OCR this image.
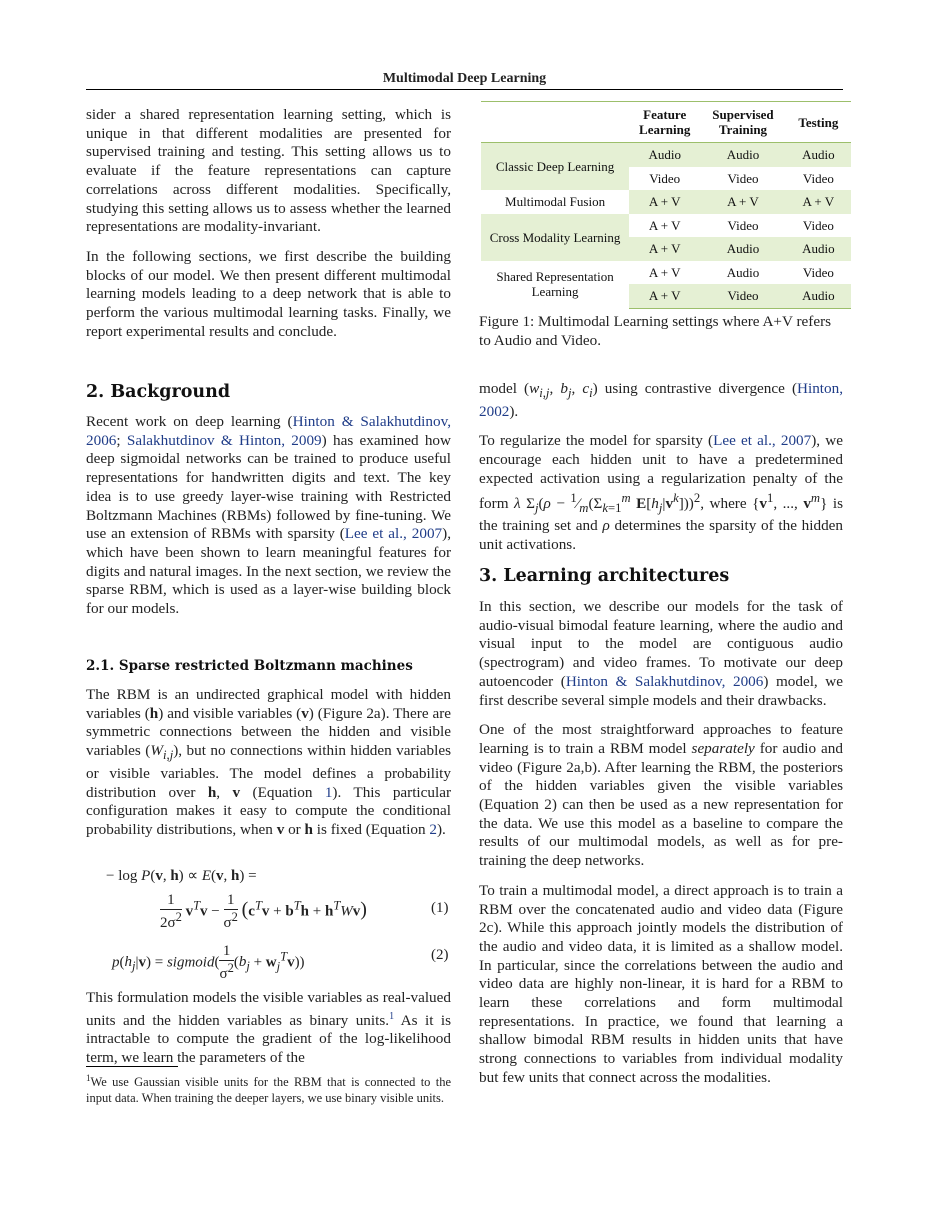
Multimodal Deep Learning

sider a shared representation learning setting, which is unique in that different modalities are presented for supervised training and testing. This setting allows us to evaluate if the feature representations can capture correlations across different modalities. Specifically, studying this setting allows us to assess whether the learned representations are modality-invariant.

In the following sections, we first describe the building blocks of our model. We then present different multimodal learning models leading to a deep network that is able to perform the various multimodal learning tasks. Finally, we report experimental results and conclude.

	Feature Learning	Supervised Training	Testing
Classic Deep Learning	Audio	Audio	Audio
	Video	Video	Video
Multimodal Fusion	A + V	A + V	A + V
Cross Modality Learning	A + V	Video	Video
	A + V	Audio	Audio
Shared Representation Learning	A + V	Audio	Video
	A + V	Video	Audio
Figure 1: Multimodal Learning settings where A+V refers to Audio and Video.
2. Background

Recent work on deep learning (Hinton & Salakhutdinov, 2006; Salakhutdinov & Hinton, 2009) has examined how deep sigmoidal networks can be trained to produce useful representations for handwritten digits and text. The key idea is to use greedy layer-wise training with Restricted Boltzmann Machines (RBMs) followed by fine-tuning. We use an extension of RBMs with sparsity (Lee et al., 2007), which have been shown to learn meaningful features for digits and natural images. In the next section, we review the sparse RBM, which is used as a layer-wise building block for our models.

2.1. Sparse restricted Boltzmann machines

The RBM is an undirected graphical model with hidden variables (h) and visible variables (v) (Figure 2a). There are symmetric connections between the hidden and visible variables $(W_{i,j})$, but no connections within hidden variables or visible variables. The model defines a probability distribution over h, v (Equation 1). This particular configuration makes it easy to compute the conditional probability distributions, when v or h is fixed (Equation 2).

− log P(v, h) ∝ E(v, h) =
$\frac{1}{2\sigma^2} v^Tv - \frac{1}{\sigma^2} (c^Tv + b^Th + h^TWv)$	(1)
$p(h_j|v)$ = sigmoid( $\frac{1}{\sigma^2} (b_j + w_j^Tv)$)	(2)

This formulation models the visible variables as real-valued units and the hidden variables as binary units.$^1$ As it is intractable to compute the gradient of the log-likelihood term, we learn the parameters of the

$^1$We use Gaussian visible units for the RBM that is connected to the input data. When training the deeper layers, we use binary visible units.

model ($w_{i,j}$, $b_j$, $c_i$) using contrastive divergence (Hinton, 2002).

To regularize the model for sparsity (Lee et al., 2007), we encourage each hidden unit to have a predetermined expected activation using a regularization penalty of the form λ $\Sigma_j(\rho$ − $^1⁄_m(\Sigma_{k=1}^m$ $E[h_j|v^k]))^2$, where {$v^1$, ..., $v^m$} is the training set and ρ determines the sparsity of the hidden unit activations.

3. Learning architectures

In this section, we describe our models for the task of audio-visual bimodal feature learning, where the audio and visual input to the model are contiguous audio (spectrogram) and video frames. To motivate our deep autoencoder (Hinton & Salakhutdinov, 2006) model, we first describe several simple models and their drawbacks.

One of the most straightforward approaches to feature learning is to train a RBM model separately for audio and video (Figure 2a,b). After learning the RBM, the posteriors of the hidden variables given the visible variables (Equation 2) can then be used as a new representation for the data. We use this model as a baseline to compare the results of our multimodal models, as well as for pre-training the deep networks.

To train a multimodal model, a direct approach is to train a RBM over the concatenated audio and video data (Figure 2c). While this approach jointly models the distribution of the audio and video data, it is limited as a shallow model. In particular, since the correlations between the audio and video data are highly non-linear, it is hard for a RBM to learn these correlations and form multimodal representations. In practice, we found that learning a shallow bimodal RBM results in hidden units that have strong connections to variables from individual modality but few units that connect across the modalities.
